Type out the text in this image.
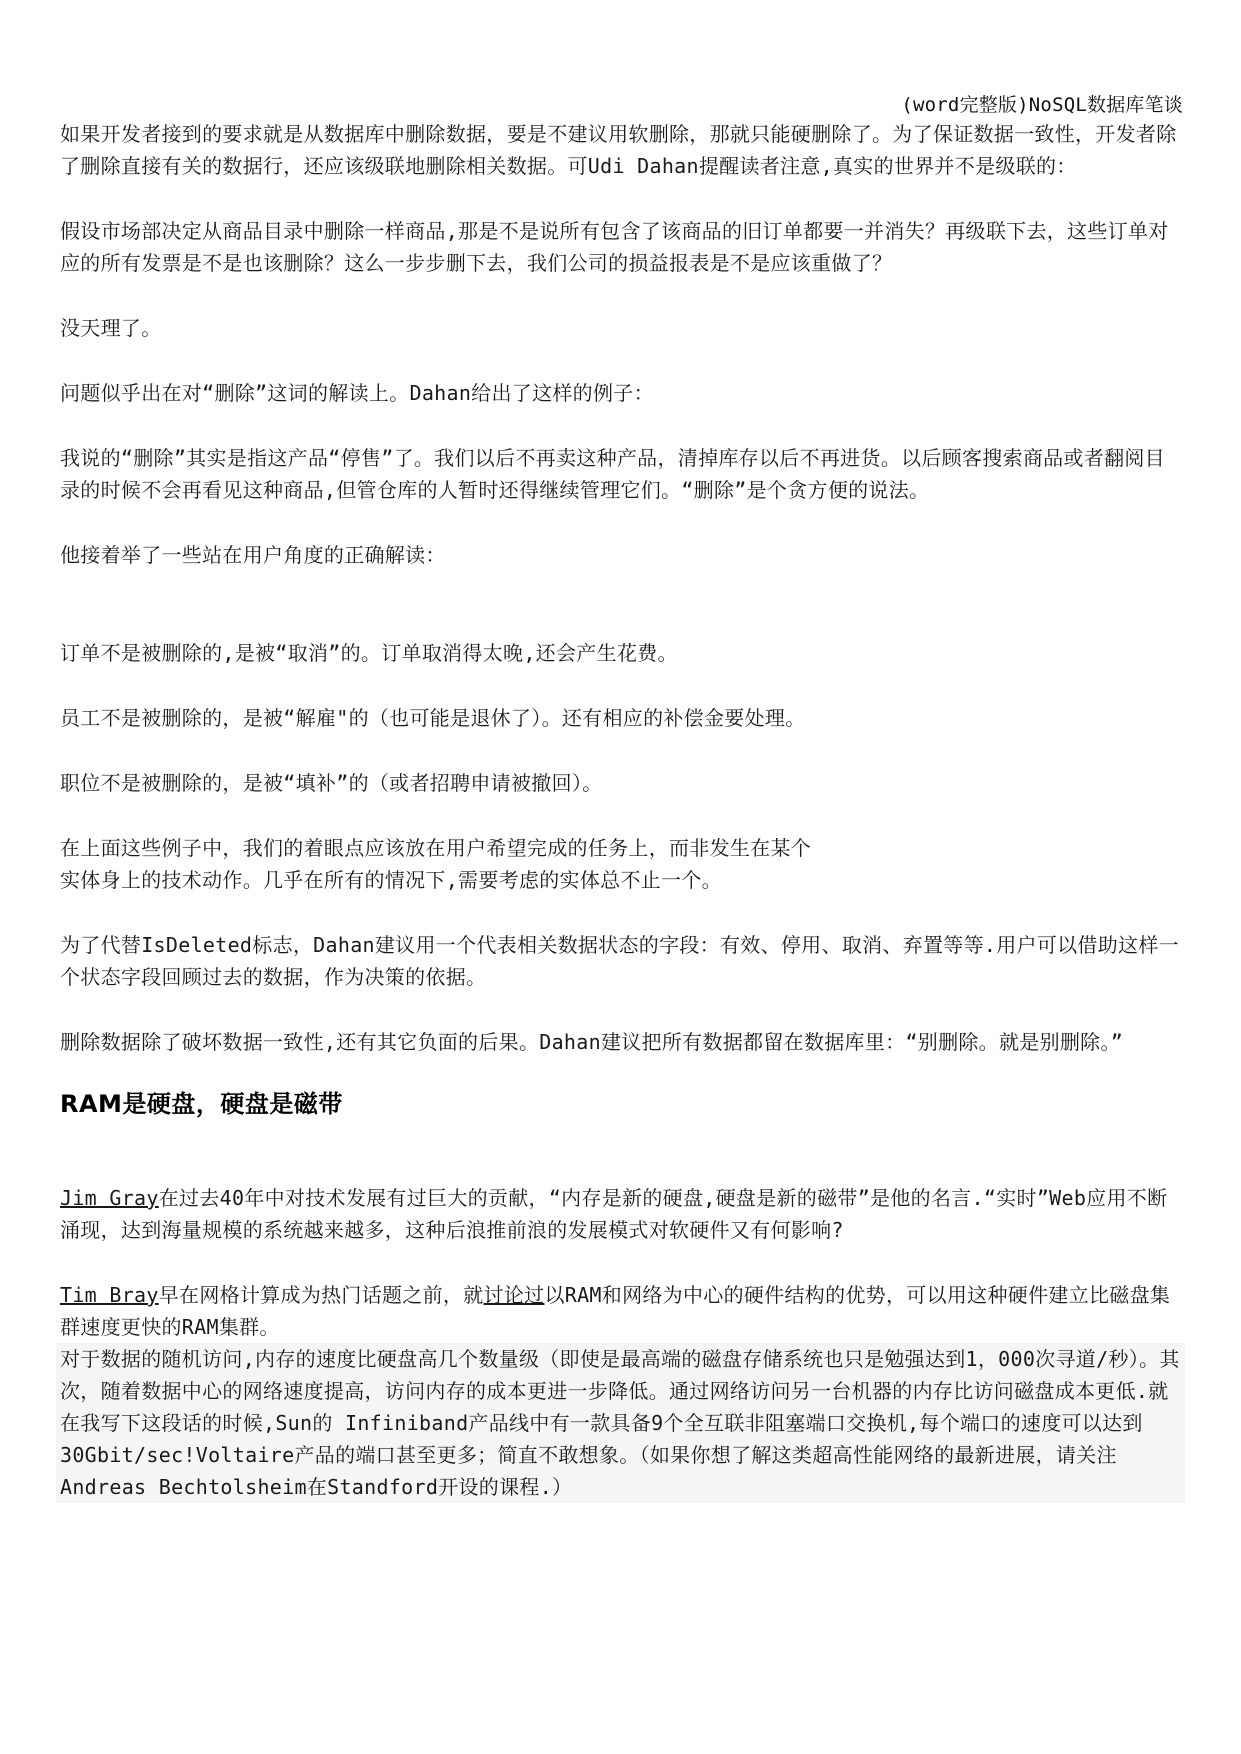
(word完整版)NoSQL数据库笔谈

如果开发者接到的要求就是从数据库中删除数据，要是不建议用软删除，那就只能硬删除了。为了保证数据一致性，开发者除了删除直接有关的数据行，还应该级联地删除相关数据。可Udi Dahan提醒读者注意,真实的世界并不是级联的：

假设市场部决定从商品目录中删除一样商品,那是不是说所有包含了该商品的旧订单都要一并消失？再级联下去，这些订单对应的所有发票是不是也该删除？这么一步步删下去，我们公司的损益报表是不是应该重做了？

没天理了。

问题似乎出在对“删除”这词的解读上。Dahan给出了这样的例子：

我说的“删除”其实是指这产品“停售”了。我们以后不再卖这种产品，清掉库存以后不再进货。以后顾客搜索商品或者翻阅目录的时候不会再看见这种商品,但管仓库的人暂时还得继续管理它们。“删除”是个贪方便的说法。

他接着举了一些站在用户角度的正确解读：

订单不是被删除的,是被“取消”的。订单取消得太晚,还会产生花费。

员工不是被删除的，是被“解雇"的（也可能是退休了）。还有相应的补偿金要处理。

职位不是被删除的，是被“填补”的（或者招聘申请被撤回）。

在上面这些例子中，我们的着眼点应该放在用户希望完成的任务上，而非发生在某个

实体身上的技术动作。几乎在所有的情况下,需要考虑的实体总不止一个。

为了代替IsDeleted标志，Dahan建议用一个代表相关数据状态的字段：有效、停用、取消、弃置等等.用户可以借助这样一个状态字段回顾过去的数据，作为决策的依据。

删除数据除了破坏数据一致性,还有其它负面的后果。Dahan建议把所有数据都留在数据库里：“别删除。就是别删除。”

RAM是硬盘，硬盘是磁带

Jim Gray在过去40年中对技术发展有过巨大的贡献，“内存是新的硬盘,硬盘是新的磁带”是他的名言.“实时”Web应用不断涌现，达到海量规模的系统越来越多，这种后浪推前浪的发展模式对软硬件又有何影响?

Tim Bray早在网格计算成为热门话题之前，就讨论过以RAM和网络为中心的硬件结构的优势，可以用这种硬件建立比磁盘集群速度更快的RAM集群。

对于数据的随机访问,内存的速度比硬盘高几个数量级（即使是最高端的磁盘存储系统也只是勉强达到1，000次寻道/秒）。其次，随着数据中心的网络速度提高，访问内存的成本更进一步降低。通过网络访问另一台机器的内存比访问磁盘成本更低.就在我写下这段话的时候,Sun的 Infiniband产品线中有一款具备9个全互联非阻塞端口交换机,每个端口的速度可以达到30Gbit/sec!Voltaire产品的端口甚至更多；简直不敢想象。（如果你想了解这类超高性能网络的最新进展，请关注Andreas Bechtolsheim在Standford开设的课程.）
